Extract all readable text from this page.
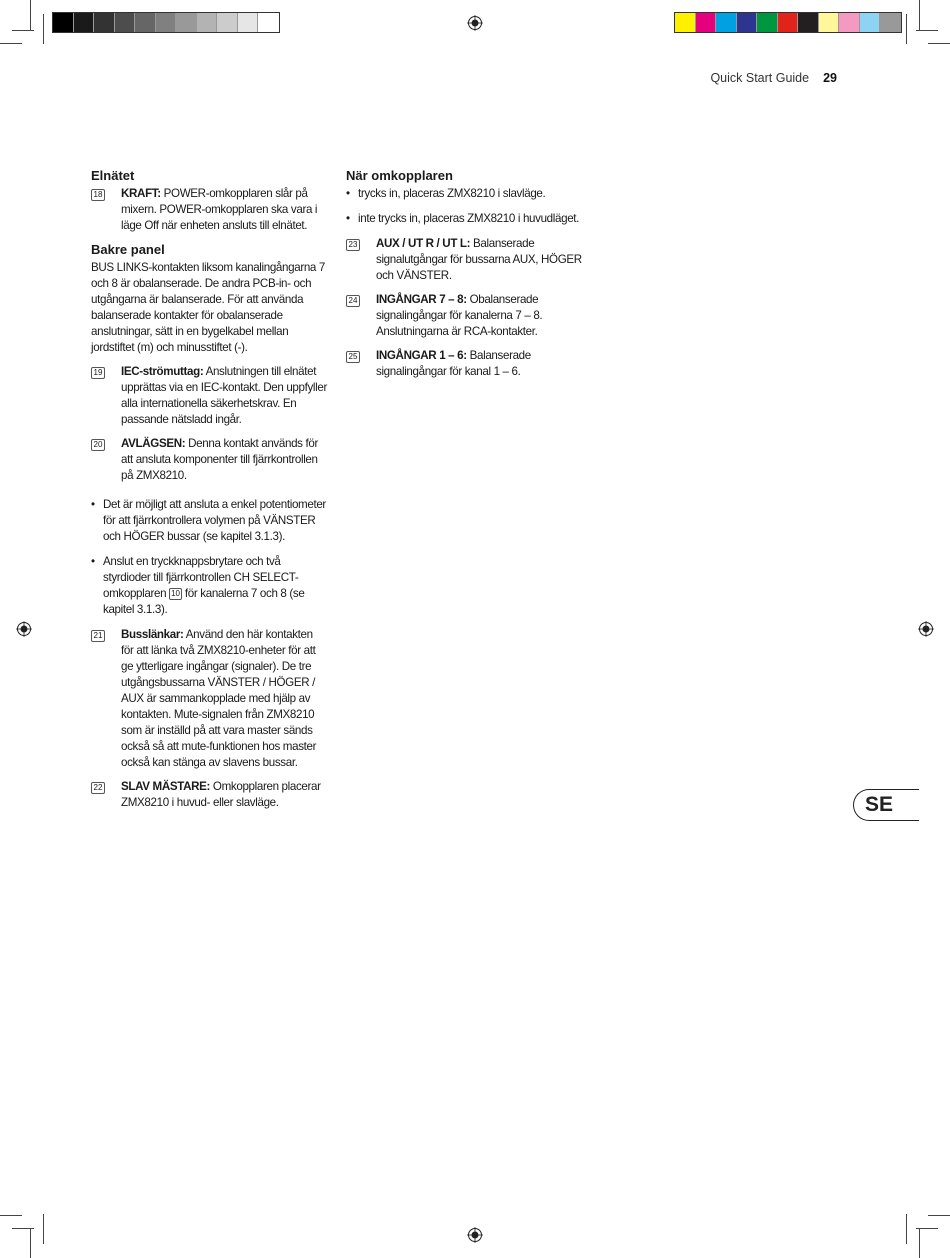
Quick Start Guide 29
Elnätet
18 KRAFT: POWER-omkopplaren slår på mixern. POWER-omkopplaren ska vara i läge Off när enheten ansluts till elnätet.
Bakre panel

BUS LINKS-kontakten liksom kanalingångarna 7 och 8 är obalanserade. De andra PCB-in- och utgångarna är balanserade. För att använda balanserade kontakter för obalanserade anslutningar, sätt in en bygelkabel mellan jordstiftet (m) och minusstiftet (-).

19 IEC-strömuttag: Anslutningen till elnätet upprättas via en IEC-kontakt. Den uppfyller alla internationella säkerhetskrav. En passande nätsladd ingår.
20 AVLÄGSEN: Denna kontakt används för att ansluta komponenter till fjärrkontrollen på ZMX8210.
• Det är möjligt att ansluta a enkel potentiometer för att fjärrkontrollera volymen på VÄNSTER och HÖGER bussar (se kapitel 3.1.3).
• Anslut en tryckknappsbrytare och två styrdioder till fjärrkontrollen CH SELECT-omkopplaren 10 för kanalerna 7 och 8 (se kapitel 3.1.3).
21 Busslänkar: Använd den här kontakten för att länka två ZMX8210-enheter för att ge ytterligare ingångar (signaler). De tre utgångsbussarna VÄNSTER / HÖGER / AUX är sammankopplade med hjälp av kontakten. Mute-signalen från ZMX8210 som är inställd på att vara master sänds också så att mute-funktionen hos master också kan stänga av slavens bussar.
22 SLAV MÄSTARE: Omkopplaren placerar ZMX8210 i huvud- eller slavläge.
När omkopplaren
• trycks in, placeras ZMX8210 i slavläge.
• inte trycks in, placeras ZMX8210 i huvudläget.
23 AUX / UT R / UT L: Balanserade signalutgångar för bussarna AUX, HÖGER och VÄNSTER.
24 INGÅNGAR 7 – 8: Obalanserade signalingångar för kanalerna 7 – 8. Anslutningarna är RCA-kontakter.
25 INGÅNGAR 1 – 6: Balanserade signalingångar för kanal 1 – 6.
SE
